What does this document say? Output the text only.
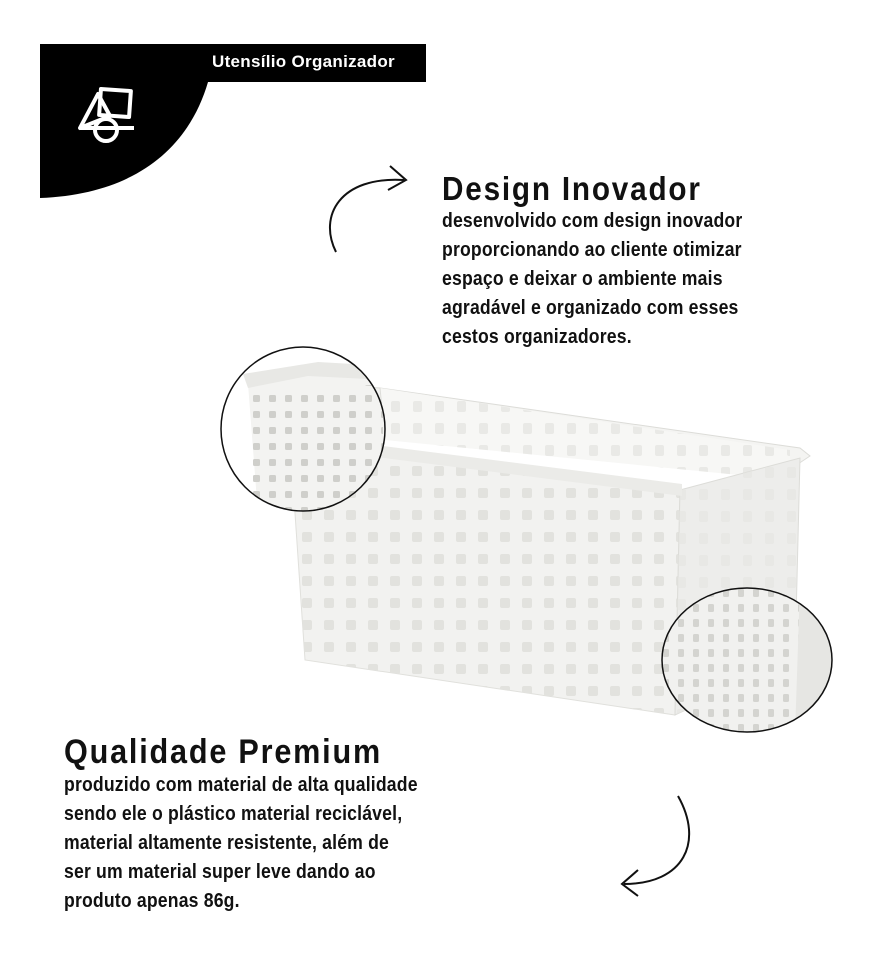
Utensílio Organizador
Design Inovador
desenvolvido com design inovador
proporcionando ao cliente otimizar
espaço e deixar o ambiente mais
agradável e organizado com esses
cestos organizadores.
Qualidade Premium
produzido com material de alta qualidade
sendo ele o plástico material reciclável,
material altamente resistente, além de
ser um material super leve dando ao
produto apenas 86g.
